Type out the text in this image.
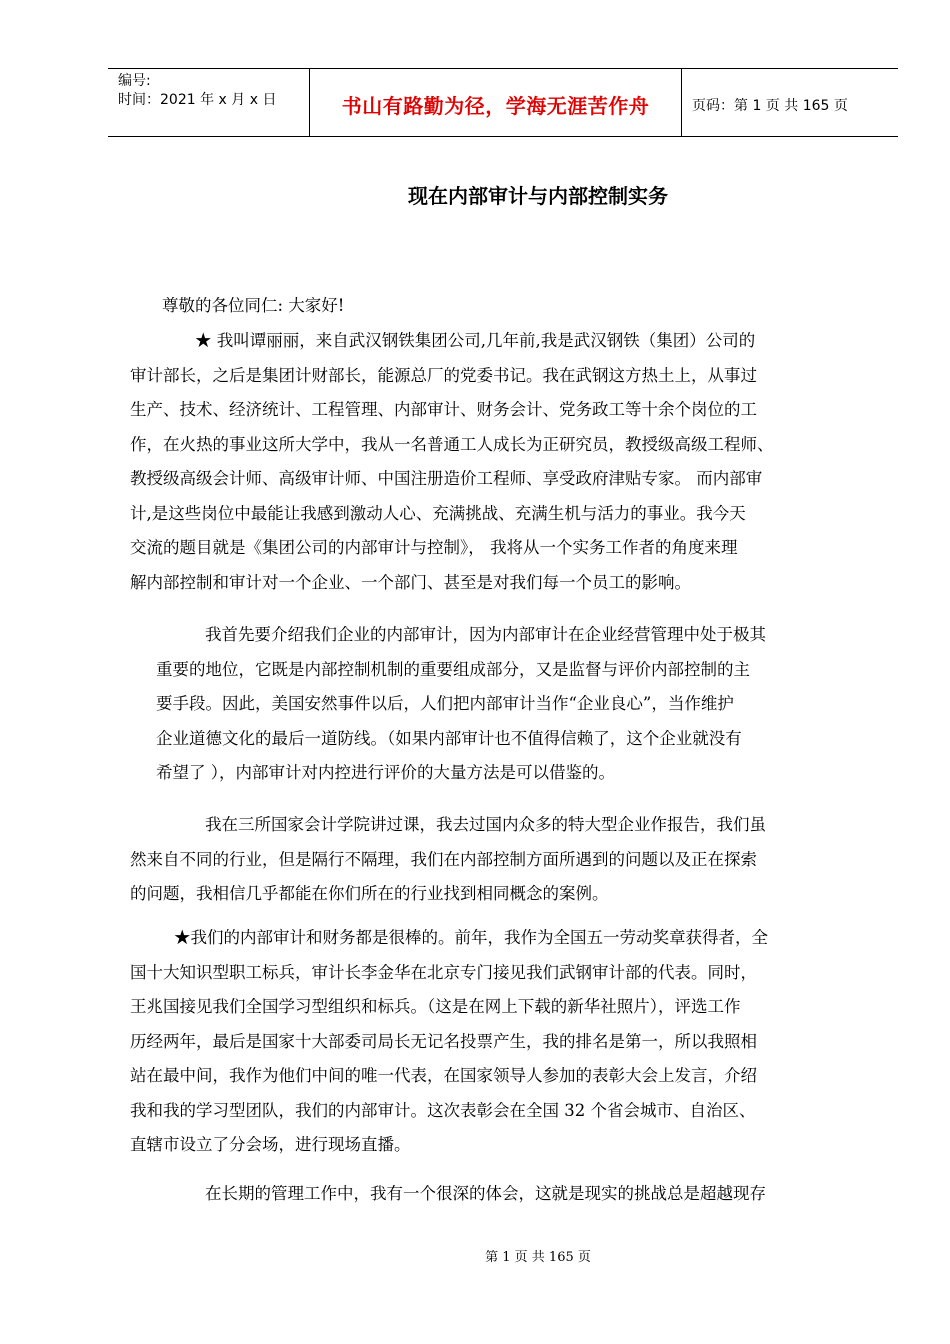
编号:
时间：2021 年 x 月 x 日	书山有路勤为径，学海无涯苦作舟	页码：第 1 页 共 165 页
现在内部审计与内部控制实务
尊敬的各位同仁: 大家好!
★ 我叫谭丽丽，来自武汉钢铁集团公司,几年前,我是武汉钢铁（集团）公司的
审计部长，之后是集团计财部长，能源总厂的党委书记。我在武钢这方热土上，从事过
生产、技术、经济统计、工程管理、内部审计、财务会计、党务政工等十余个岗位的工
作，在火热的事业这所大学中，我从一名普通工人成长为正研究员，教授级高级工程师、
教授级高级会计师、高级审计师、中国注册造价工程师、享受政府津贴专家。 而内部审
计,是这些岗位中最能让我感到激动人心、充满挑战、充满生机与活力的事业。我今天
交流的题目就是《集团公司的内部审计与控制》， 我将从一个实务工作者的角度来理
解内部控制和审计对一个企业、一个部门、甚至是对我们每一个员工的影响。
我首先要介绍我们企业的内部审计，因为内部审计在企业经营管理中处于极其
重要的地位，它既是内部控制机制的重要组成部分，又是监督与评价内部控制的主
要手段。因此，美国安然事件以后，人们把内部审计当作“企业良心”，当作维护
企业道德文化的最后一道防线。（如果内部审计也不值得信赖了，这个企业就没有
希望了 ），内部审计对内控进行评价的大量方法是可以借鉴的。
我在三所国家会计学院讲过课，我去过国内众多的特大型企业作报告，我们虽
然来自不同的行业，但是隔行不隔理，我们在内部控制方面所遇到的问题以及正在探索
的问题，我相信几乎都能在你们所在的行业找到相同概念的案例。
★我们的内部审计和财务都是很棒的。前年，我作为全国五一劳动奖章获得者，全
国十大知识型职工标兵，审计长李金华在北京专门接见我们武钢审计部的代表。同时，
王兆国接见我们全国学习型组织和标兵。（这是在网上下载的新华社照片），评选工作
历经两年，最后是国家十大部委司局长无记名投票产生，我的排名是第一，所以我照相
站在最中间，我作为他们中间的唯一代表，在国家领导人参加的表彰大会上发言，介绍
我和我的学习型团队，我们的内部审计。这次表彰会在全国 32 个省会城市、自治区、
直辖市设立了分会场，进行现场直播。
在长期的管理工作中，我有一个很深的体会，这就是现实的挑战总是超越现存
第 1 页 共 165 页
